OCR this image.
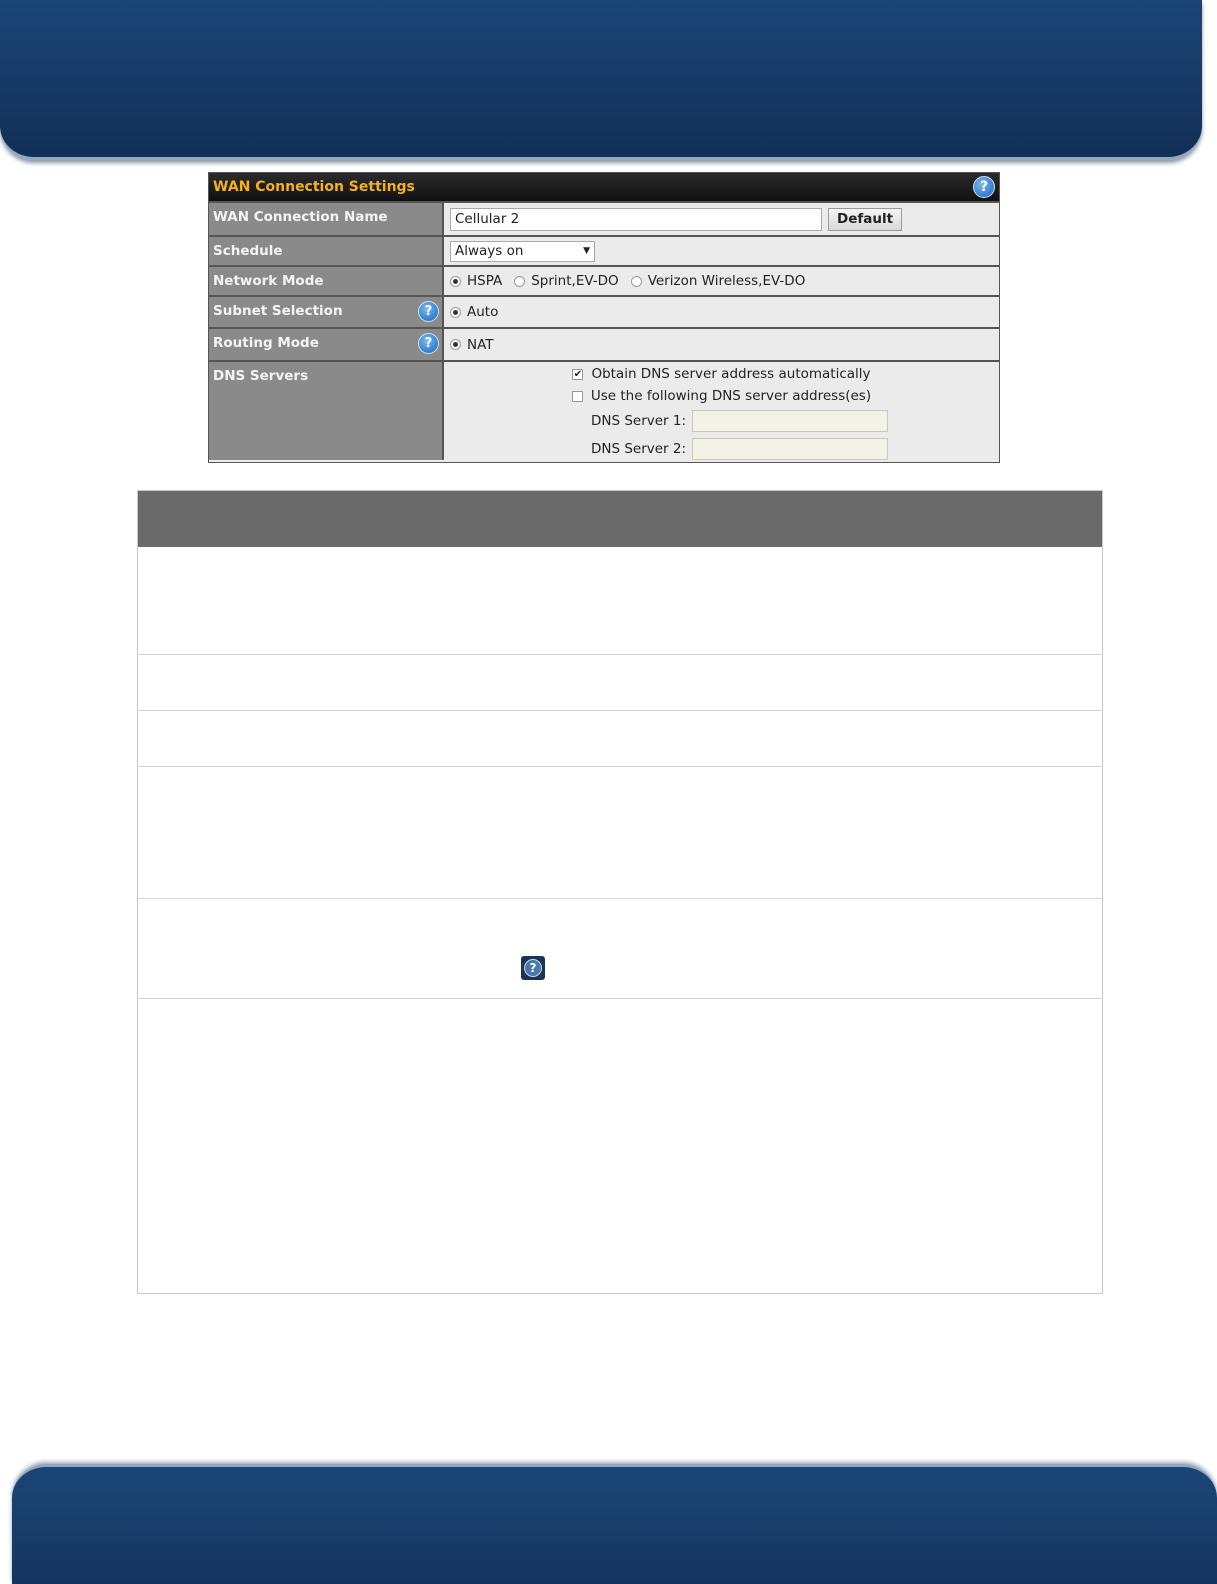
WAN Connection Settings	?
WAN Connection Name	Cellular 2	Default
Schedule	Always on	▼
Network Mode	HSPA Sprint,EV-DO Verizon Wireless,EV-DO
Subnet Selection	?	Auto
Routing Mode	?	NAT
DNS Servers	✔ Obtain DNS server address automatically
Use the following DNS server address(es)
DNS Server 1:
DNS Server 2:
?
